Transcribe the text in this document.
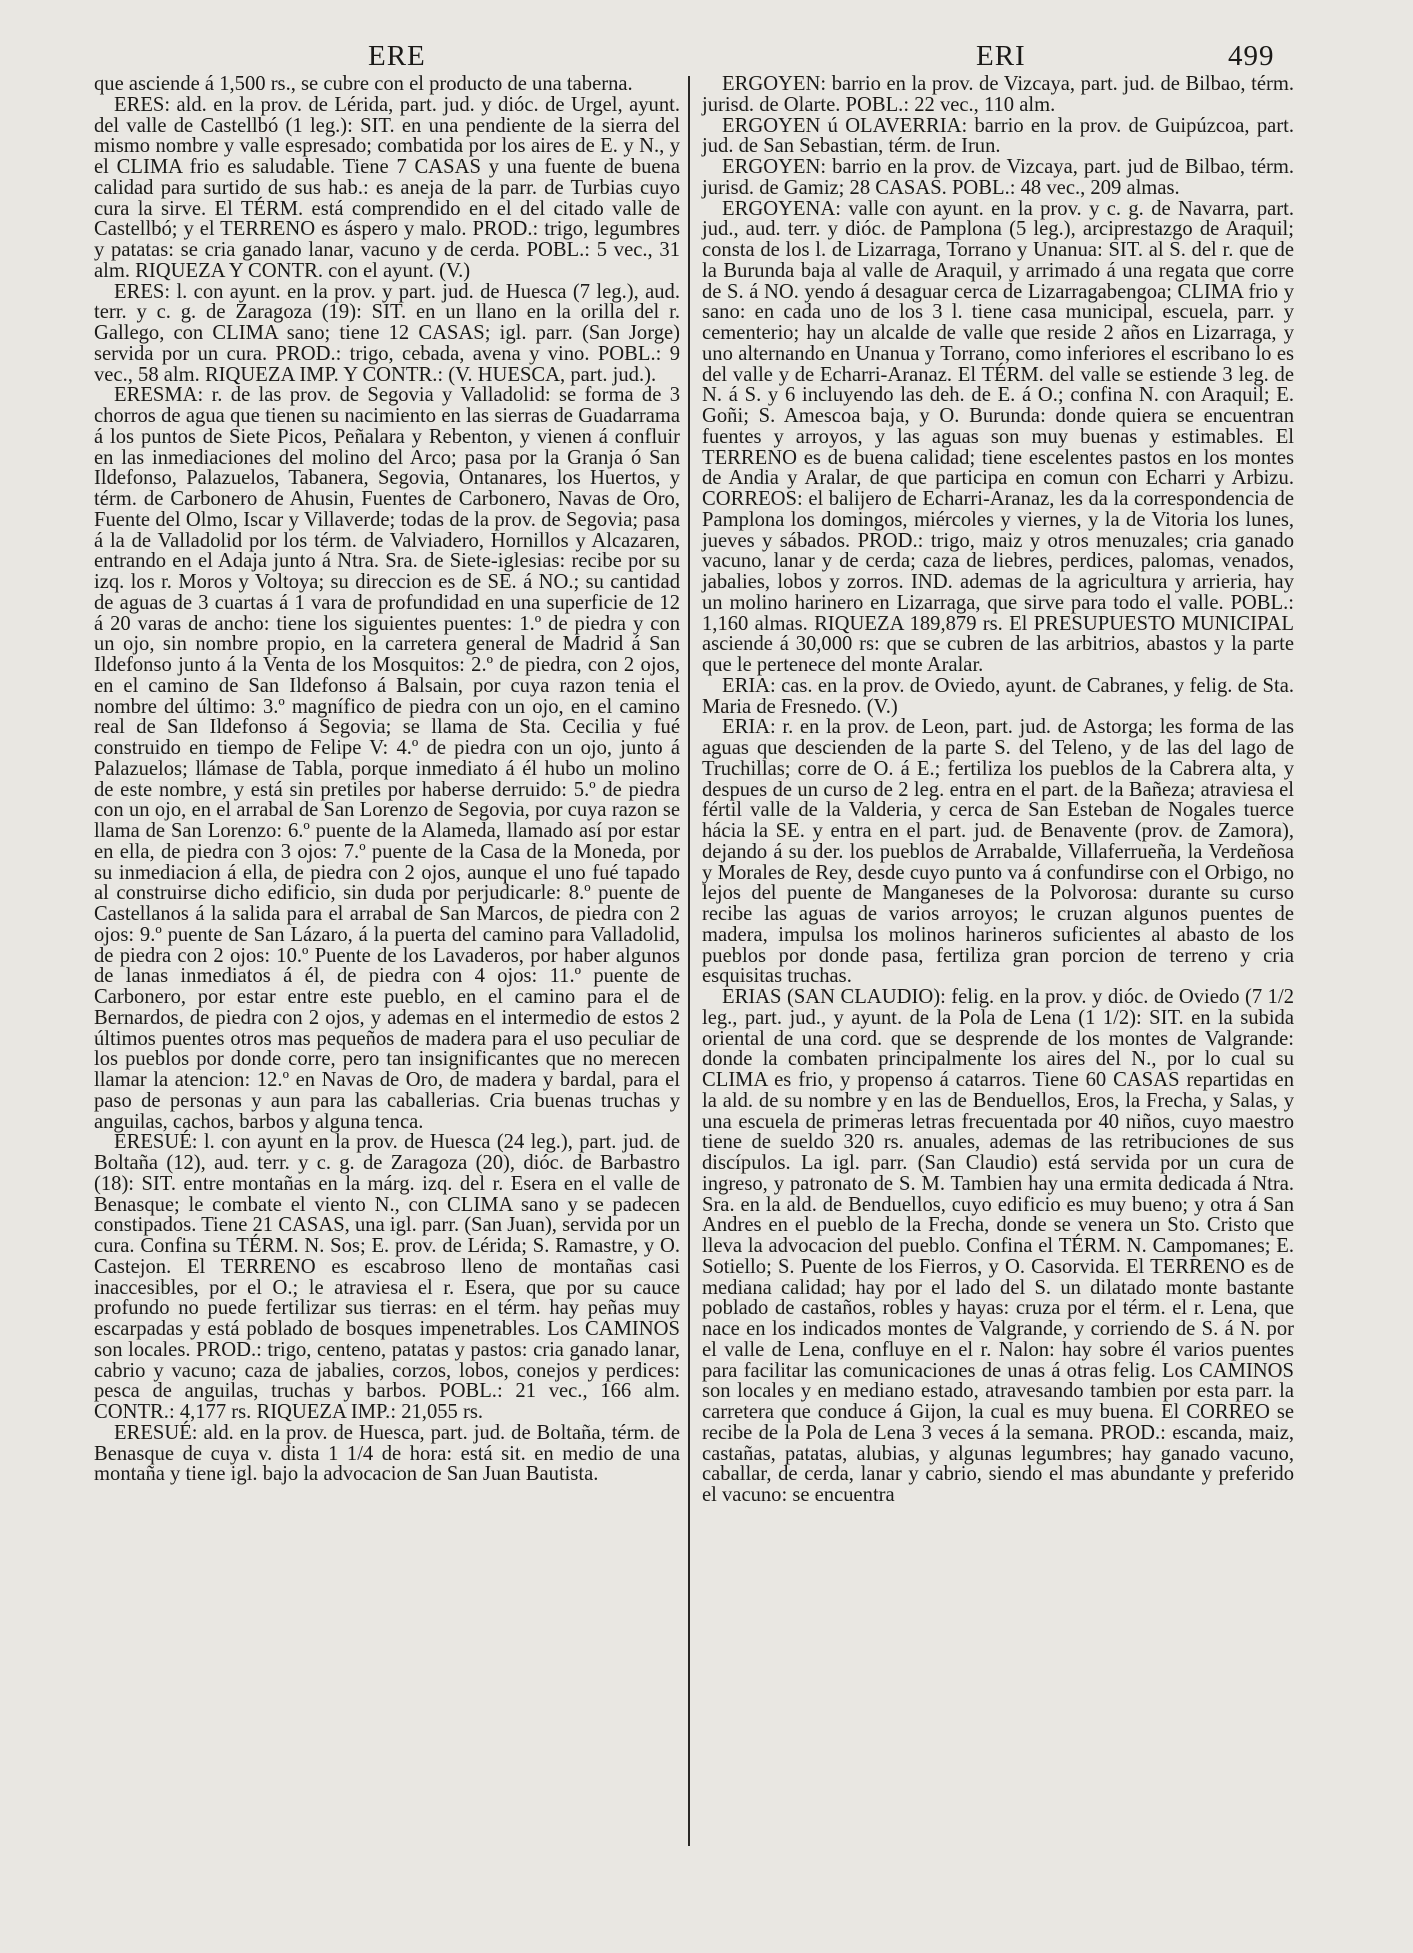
ERE	ERI	499

que asciende á 1,500 rs., se cubre con el producto de una taberna.

ERES: ald. en la prov. de Lérida, part. jud. y dióc. de Urgel, ayunt. del valle de Castellbó (1 leg.): SIT. en una pendiente de la sierra del mismo nombre y valle espresado; combatida por los aires de E. y N., y el CLIMA frio es saludable. Tiene 7 CASAS y una fuente de buena calidad para surtido de sus hab.: es aneja de la parr. de Turbias cuyo cura la sirve. El TÉRM. está comprendido en el del citado valle de Castellbó; y el TERRENO es áspero y malo. PROD.: trigo, legumbres y patatas: se cria ganado lanar, vacuno y de cerda. POBL.: 5 vec., 31 alm. RIQUEZA Y CONTR. con el ayunt. (V.)

ERES: l. con ayunt. en la prov. y part. jud. de Huesca (7 leg.), aud. terr. y c. g. de Zaragoza (19): SIT. en un llano en la orilla del r. Gallego, con CLIMA sano; tiene 12 CASAS; igl. parr. (San Jorge) servida por un cura. PROD.: trigo, cebada, avena y vino. POBL.: 9 vec., 58 alm. RIQUEZA IMP. Y CONTR.: (V. HUESCA, part. jud.).

ERESMA: r. de las prov. de Segovia y Valladolid: se forma de 3 chorros de agua que tienen su nacimiento en las sierras de Guadarrama á los puntos de Siete Picos, Peñalara y Rebenton, y vienen á confluir en las inmediaciones del molino del Arco; pasa por la Granja ó San Ildefonso, Palazuelos, Tabanera, Segovia, Ontanares, los Huertos, y térm. de Carbonero de Ahusin, Fuentes de Carbonero, Navas de Oro, Fuente del Olmo, Iscar y Villaverde; todas de la prov. de Segovia; pasa á la de Valladolid por los térm. de Valviadero, Hornillos y Alcazaren, entrando en el Adaja junto á Ntra. Sra. de Siete-iglesias: recibe por su izq. los r. Moros y Voltoya; su direccion es de SE. á NO.; su cantidad de aguas de 3 cuartas á 1 vara de profundidad en una superficie de 12 á 20 varas de ancho: tiene los siguientes puentes: 1.º de piedra y con un ojo, sin nombre propio, en la carretera general de Madrid á San Ildefonso junto á la Venta de los Mosquitos: 2.º de piedra, con 2 ojos, en el camino de San Ildefonso á Balsain, por cuya razon tenia el nombre del último: 3.º magnífico de piedra con un ojo, en el camino real de San Ildefonso á Segovia; se llama de Sta. Cecilia y fué construido en tiempo de Felipe V: 4.º de piedra con un ojo, junto á Palazuelos; llámase de Tabla, porque inmediato á él hubo un molino de este nombre, y está sin pretiles por haberse derruido: 5.º de piedra con un ojo, en el arrabal de San Lorenzo de Segovia, por cuya razon se llama de San Lorenzo: 6.º puente de la Alameda, llamado así por estar en ella, de piedra con 3 ojos: 7.º puente de la Casa de la Moneda, por su inmediacion á ella, de piedra con 2 ojos, aunque el uno fué tapado al construirse dicho edificio, sin duda por perjudicarle: 8.º puente de Castellanos á la salida para el arrabal de San Marcos, de piedra con 2 ojos: 9.º puente de San Lázaro, á la puerta del camino para Valladolid, de piedra con 2 ojos: 10.º Puente de los Lavaderos, por haber algunos de lanas inmediatos á él, de piedra con 4 ojos: 11.º puente de Carbonero, por estar entre este pueblo, en el camino para el de Bernardos, de piedra con 2 ojos, y ademas en el intermedio de estos 2 últimos puentes otros mas pequeños de madera para el uso peculiar de los pueblos por donde corre, pero tan insignificantes que no merecen llamar la atencion: 12.º en Navas de Oro, de madera y bardal, para el paso de personas y aun para las caballerias. Cria buenas truchas y anguilas, cachos, barbos y alguna tenca.

ERESUÉ: l. con ayunt en la prov. de Huesca (24 leg.), part. jud. de Boltaña (12), aud. terr. y c. g. de Zaragoza (20), dióc. de Barbastro (18): SIT. entre montañas en la márg. izq. del r. Esera en el valle de Benasque; le combate el viento N., con CLIMA sano y se padecen constipados. Tiene 21 CASAS, una igl. parr. (San Juan), servida por un cura. Confina su TÉRM. N. Sos; E. prov. de Lérida; S. Ramastre, y O. Castejon. El TERRENO es escabroso lleno de montañas casi inaccesibles, por el O.; le atraviesa el r. Esera, que por su cauce profundo no puede fertilizar sus tierras: en el térm. hay peñas muy escarpadas y está poblado de bosques impenetrables. Los CAMINOS son locales. PROD.: trigo, centeno, patatas y pastos: cria ganado lanar, cabrio y vacuno; caza de jabalies, corzos, lobos, conejos y perdices: pesca de anguilas, truchas y barbos. POBL.: 21 vec., 166 alm. CONTR.: 4,177 rs. RIQUEZA IMP.: 21,055 rs.

ERESUÉ: ald. en la prov. de Huesca, part. jud. de Boltaña, térm. de Benasque de cuya v. dista 1 1/4 de hora: está sit. en medio de una montaña y tiene igl. bajo la advocacion de San Juan Bautista.

ERGOYEN: barrio en la prov. de Vizcaya, part. jud. de Bilbao, térm. jurisd. de Olarte. POBL.: 22 vec., 110 alm.

ERGOYEN ú OLAVERRIA: barrio en la prov. de Guipúzcoa, part. jud. de San Sebastian, térm. de Irun.

ERGOYEN: barrio en la prov. de Vizcaya, part. jud de Bilbao, térm. jurisd. de Gamiz; 28 CASAS. POBL.: 48 vec., 209 almas.

ERGOYENA: valle con ayunt. en la prov. y c. g. de Navarra, part. jud., aud. terr. y dióc. de Pamplona (5 leg.), arciprestazgo de Araquil; consta de los l. de Lizarraga, Torrano y Unanua: SIT. al S. del r. que de la Burunda baja al valle de Araquil, y arrimado á una regata que corre de S. á NO. yendo á desaguar cerca de Lizarragabengoa; CLIMA frio y sano: en cada uno de los 3 l. tiene casa municipal, escuela, parr. y cementerio; hay un alcalde de valle que reside 2 años en Lizarraga, y uno alternando en Unanua y Torrano, como inferiores el escribano lo es del valle y de Echarri-Aranaz. El TÉRM. del valle se estiende 3 leg. de N. á S. y 6 incluyendo las deh. de E. á O.; confina N. con Araquil; E. Goñi; S. Amescoa baja, y O. Burunda: donde quiera se encuentran fuentes y arroyos, y las aguas son muy buenas y estimables. El TERRENO es de buena calidad; tiene escelentes pastos en los montes de Andia y Aralar, de que participa en comun con Echarri y Arbizu. CORREOS: el balijero de Echarri-Aranaz, les da la correspondencia de Pamplona los domingos, miércoles y viernes, y la de Vitoria los lunes, jueves y sábados. PROD.: trigo, maiz y otros menuzales; cria ganado vacuno, lanar y de cerda; caza de liebres, perdices, palomas, venados, jabalies, lobos y zorros. IND. ademas de la agricultura y arrieria, hay un molino harinero en Lizarraga, que sirve para todo el valle. POBL.: 1,160 almas. RIQUEZA 189,879 rs. El PRESUPUESTO MUNICIPAL asciende á 30,000 rs: que se cubren de las arbitrios, abastos y la parte que le pertenece del monte Aralar.

ERIA: cas. en la prov. de Oviedo, ayunt. de Cabranes, y felig. de Sta. Maria de Fresnedo. (V.)

ERIA: r. en la prov. de Leon, part. jud. de Astorga; les forma de las aguas que descienden de la parte S. del Teleno, y de las del lago de Truchillas; corre de O. á E.; fertiliza los pueblos de la Cabrera alta, y despues de un curso de 2 leg. entra en el part. de la Bañeza; atraviesa el fértil valle de la Valderia, y cerca de San Esteban de Nogales tuerce hácia la SE. y entra en el part. jud. de Benavente (prov. de Zamora), dejando á su der. los pueblos de Arrabalde, Villaferrueña, la Verdeñosa y Morales de Rey, desde cuyo punto va á confundirse con el Orbigo, no lejos del puente de Manganeses de la Polvorosa: durante su curso recibe las aguas de varios arroyos; le cruzan algunos puentes de madera, impulsa los molinos harineros suficientes al abasto de los pueblos por donde pasa, fertiliza gran porcion de terreno y cria esquisitas truchas.

ERIAS (SAN CLAUDIO): felig. en la prov. y dióc. de Oviedo (7 1/2 leg., part. jud., y ayunt. de la Pola de Lena (1 1/2): SIT. en la subida oriental de una cord. que se desprende de los montes de Valgrande: donde la combaten principalmente los aires del N., por lo cual su CLIMA es frio, y propenso á catarros. Tiene 60 CASAS repartidas en la ald. de su nombre y en las de Benduellos, Eros, la Frecha, y Salas, y una escuela de primeras letras frecuentada por 40 niños, cuyo maestro tiene de sueldo 320 rs. anuales, ademas de las retribuciones de sus discípulos. La igl. parr. (San Claudio) está servida por un cura de ingreso, y patronato de S. M. Tambien hay una ermita dedicada á Ntra. Sra. en la ald. de Benduellos, cuyo edificio es muy bueno; y otra á San Andres en el pueblo de la Frecha, donde se venera un Sto. Cristo que lleva la advocacion del pueblo. Confina el TÉRM. N. Campomanes; E. Sotiello; S. Puente de los Fierros, y O. Casorvida. El TERRENO es de mediana calidad; hay por el lado del S. un dilatado monte bastante poblado de castaños, robles y hayas: cruza por el térm. el r. Lena, que nace en los indicados montes de Valgrande, y corriendo de S. á N. por el valle de Lena, confluye en el r. Nalon: hay sobre él varios puentes para facilitar las comunicaciones de unas á otras felig. Los CAMINOS son locales y en mediano estado, atravesando tambien por esta parr. la carretera que conduce á Gijon, la cual es muy buena. El CORREO se recibe de la Pola de Lena 3 veces á la semana. PROD.: escanda, maiz, castañas, patatas, alubias, y algunas legumbres; hay ganado vacuno, caballar, de cerda, lanar y cabrio, siendo el mas abundante y preferido el vacuno: se encuentra
